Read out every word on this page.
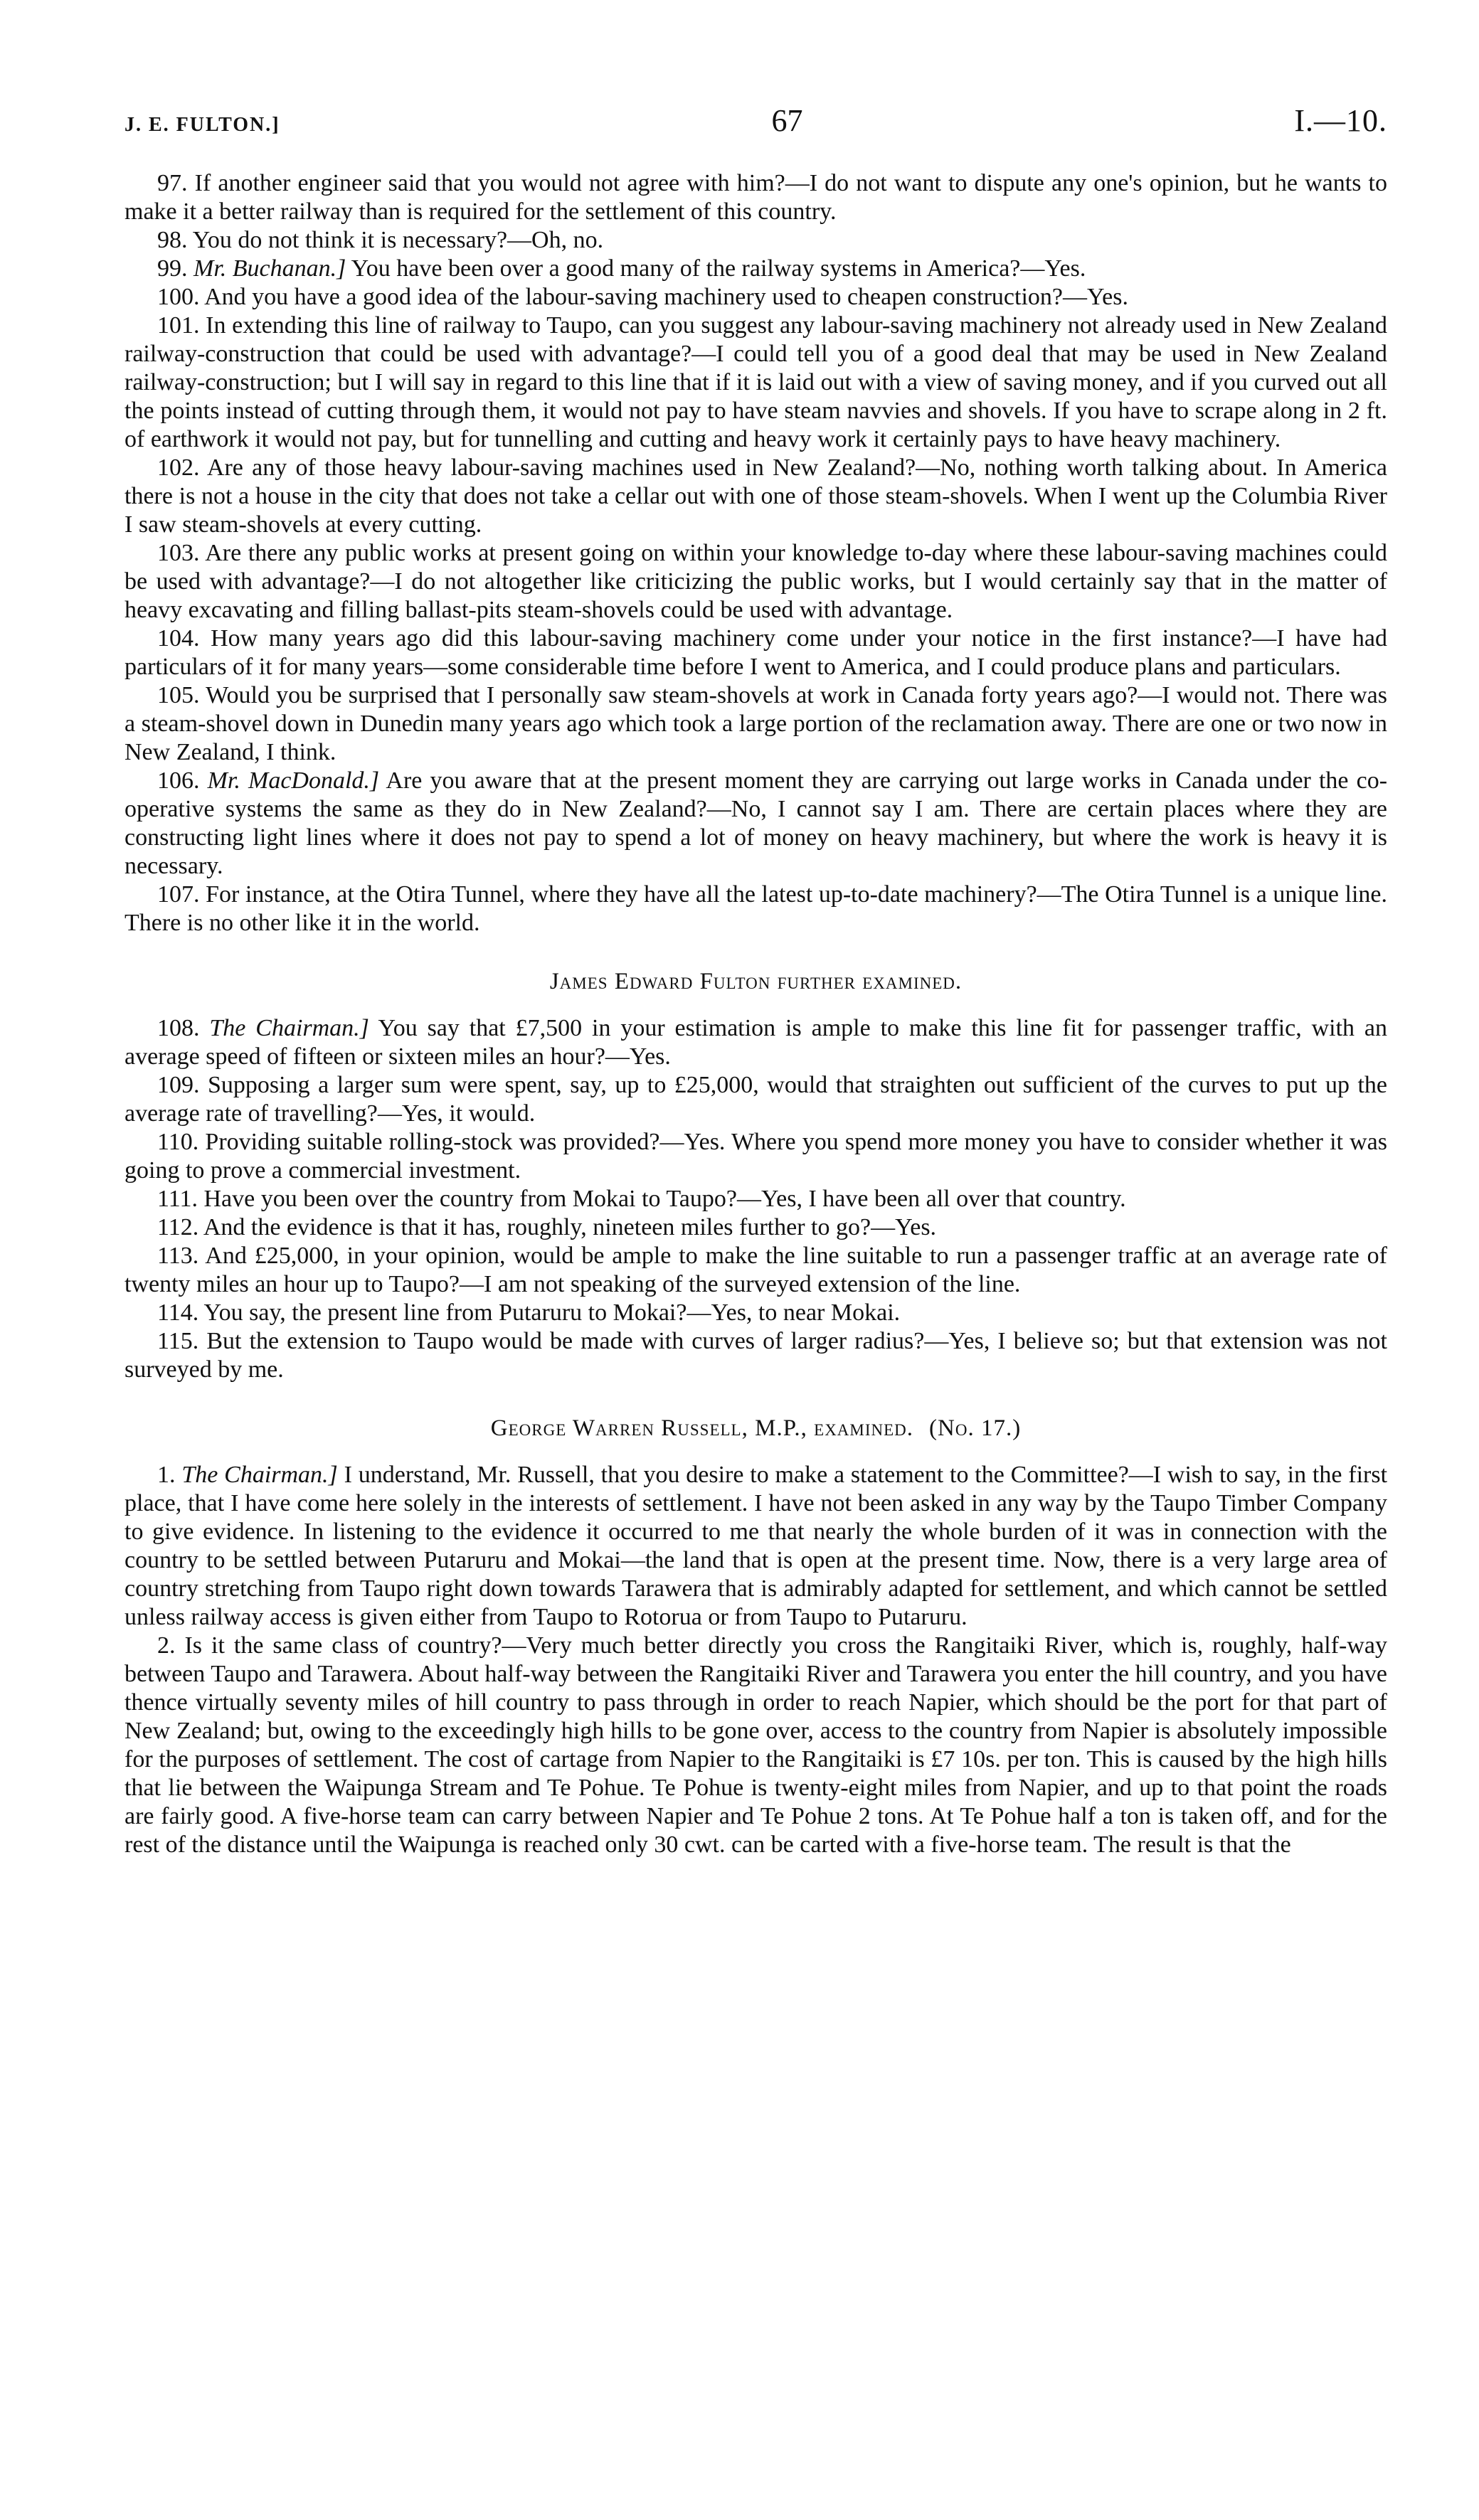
J. E. FULTON.]	67	I.—10.

97. If another engineer said that you would not agree with him?—I do not want to dispute any one's opinion, but he wants to make it a better railway than is required for the settlement of this country.

98. You do not think it is necessary?—Oh, no.

99. Mr. Buchanan.] You have been over a good many of the railway systems in America?—Yes.

100. And you have a good idea of the labour-saving machinery used to cheapen construction?—Yes.

101. In extending this line of railway to Taupo, can you suggest any labour-saving machinery not already used in New Zealand railway-construction that could be used with advantage?—I could tell you of a good deal that may be used in New Zealand railway-construction; but I will say in regard to this line that if it is laid out with a view of saving money, and if you curved out all the points instead of cutting through them, it would not pay to have steam navvies and shovels. If you have to scrape along in 2 ft. of earthwork it would not pay, but for tunnelling and cutting and heavy work it certainly pays to have heavy machinery.

102. Are any of those heavy labour-saving machines used in New Zealand?—No, nothing worth talking about. In America there is not a house in the city that does not take a cellar out with one of those steam-shovels. When I went up the Columbia River I saw steam-shovels at every cutting.

103. Are there any public works at present going on within your knowledge to-day where these labour-saving machines could be used with advantage?—I do not altogether like criticizing the public works, but I would certainly say that in the matter of heavy excavating and filling ballast-pits steam-shovels could be used with advantage.

104. How many years ago did this labour-saving machinery come under your notice in the first instance?—I have had particulars of it for many years—some considerable time before I went to America, and I could produce plans and particulars.

105. Would you be surprised that I personally saw steam-shovels at work in Canada forty years ago?—I would not. There was a steam-shovel down in Dunedin many years ago which took a large portion of the reclamation away. There are one or two now in New Zealand, I think.

106. Mr. MacDonald.] Are you aware that at the present moment they are carrying out large works in Canada under the co-operative systems the same as they do in New Zealand?—No, I cannot say I am. There are certain places where they are constructing light lines where it does not pay to spend a lot of money on heavy machinery, but where the work is heavy it is necessary.

107. For instance, at the Otira Tunnel, where they have all the latest up-to-date machinery?—The Otira Tunnel is a unique line. There is no other like it in the world.

James Edward Fulton further examined.

108. The Chairman.] You say that £7,500 in your estimation is ample to make this line fit for passenger traffic, with an average speed of fifteen or sixteen miles an hour?—Yes.

109. Supposing a larger sum were spent, say, up to £25,000, would that straighten out sufficient of the curves to put up the average rate of travelling?—Yes, it would.

110. Providing suitable rolling-stock was provided?—Yes. Where you spend more money you have to consider whether it was going to prove a commercial investment.

111. Have you been over the country from Mokai to Taupo?—Yes, I have been all over that country.

112. And the evidence is that it has, roughly, nineteen miles further to go?—Yes.

113. And £25,000, in your opinion, would be ample to make the line suitable to run a passenger traffic at an average rate of twenty miles an hour up to Taupo?—I am not speaking of the surveyed extension of the line.

114. You say, the present line from Putaruru to Mokai?—Yes, to near Mokai.

115. But the extension to Taupo would be made with curves of larger radius?—Yes, I believe so; but that extension was not surveyed by me.

George Warren Russell, M.P., examined. (No. 17.)

1. The Chairman.] I understand, Mr. Russell, that you desire to make a statement to the Committee?—I wish to say, in the first place, that I have come here solely in the interests of settlement. I have not been asked in any way by the Taupo Timber Company to give evidence. In listening to the evidence it occurred to me that nearly the whole burden of it was in connection with the country to be settled between Putaruru and Mokai—the land that is open at the present time. Now, there is a very large area of country stretching from Taupo right down towards Tarawera that is admirably adapted for settlement, and which cannot be settled unless railway access is given either from Taupo to Rotorua or from Taupo to Putaruru.

2. Is it the same class of country?—Very much better directly you cross the Rangitaiki River, which is, roughly, half-way between Taupo and Tarawera. About half-way between the Rangitaiki River and Tarawera you enter the hill country, and you have thence virtually seventy miles of hill country to pass through in order to reach Napier, which should be the port for that part of New Zealand; but, owing to the exceedingly high hills to be gone over, access to the country from Napier is absolutely impossible for the purposes of settlement. The cost of cartage from Napier to the Rangitaiki is £7 10s. per ton. This is caused by the high hills that lie between the Waipunga Stream and Te Pohue. Te Pohue is twenty-eight miles from Napier, and up to that point the roads are fairly good. A five-horse team can carry between Napier and Te Pohue 2 tons. At Te Pohue half a ton is taken off, and for the rest of the distance until the Waipunga is reached only 30 cwt. can be carted with a five-horse team. The result is that the
